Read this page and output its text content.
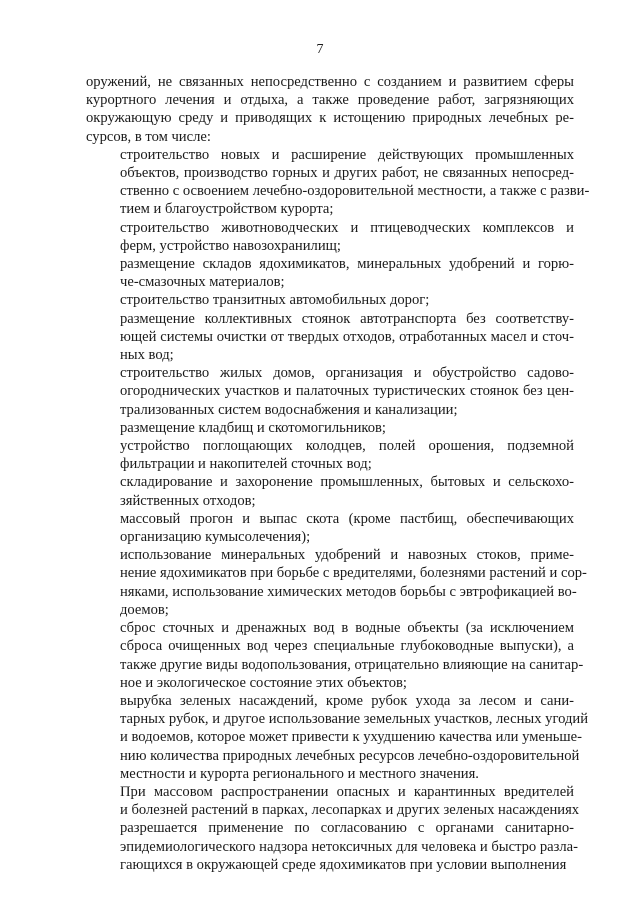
7

оружений, не связанных непосредственно с созданием и развитием сферы
курортного лечения и отдыха, а также проведение работ, загрязняющих
окружающую среду и приводящих к истощению природных лечебных ре-
сурсов, в том числе:

строительство новых и расширение действующих промышленных
объектов, производство горных и других работ, не связанных непосред-
ственно с освоением лечебно-оздоровительной местности, а также с разви-
тием и благоустройством курорта;

строительство животноводческих и птицеводческих комплексов и
ферм, устройство навозохранилищ;

размещение складов ядохимикатов, минеральных удобрений и горю-
че-смазочных материалов;

строительство транзитных автомобильных дорог;

размещение коллективных стоянок автотранспорта без соответству-
ющей системы очистки от твердых отходов, отработанных масел и сточ-
ных вод;

строительство жилых домов, организация и обустройство садово-
огороднических участков и палаточных туристических стоянок без цен-
трализованных систем водоснабжения и канализации;

размещение кладбищ и скотомогильников;

устройство поглощающих колодцев, полей орошения, подземной
фильтрации и накопителей сточных вод;

складирование и захоронение промышленных, бытовых и сельскохо-
зяйственных отходов;

массовый прогон и выпас скота (кроме пастбищ, обеспечивающих
организацию кумысолечения);

использование минеральных удобрений и навозных стоков, приме-
нение ядохимикатов при борьбе с вредителями, болезнями растений и сор-
няками, использование химических методов борьбы с эвтрофикацией во-
доемов;

сброс сточных и дренажных вод в водные объекты (за исключением
сброса очищенных вод через специальные глубоководные выпуски), а
также другие виды водопользования, отрицательно влияющие на санитар-
ное и экологическое состояние этих объектов;

вырубка зеленых насаждений, кроме рубок ухода за лесом и сани-
тарных рубок, и другое использование земельных участков, лесных угодий
и водоемов, которое может привести к ухудшению качества или уменьше-
нию количества природных лечебных ресурсов лечебно-оздоровительной
местности и курорта регионального и местного значения.

При массовом распространении опасных и карантинных вредителей
и болезней растений в парках, лесопарках и других зеленых насаждениях
разрешается применение по согласованию с органами санитарно-
эпидемиологического надзора нетоксичных для человека и быстро разла-
гающихся в окружающей среде ядохимикатов при условии выполнения
